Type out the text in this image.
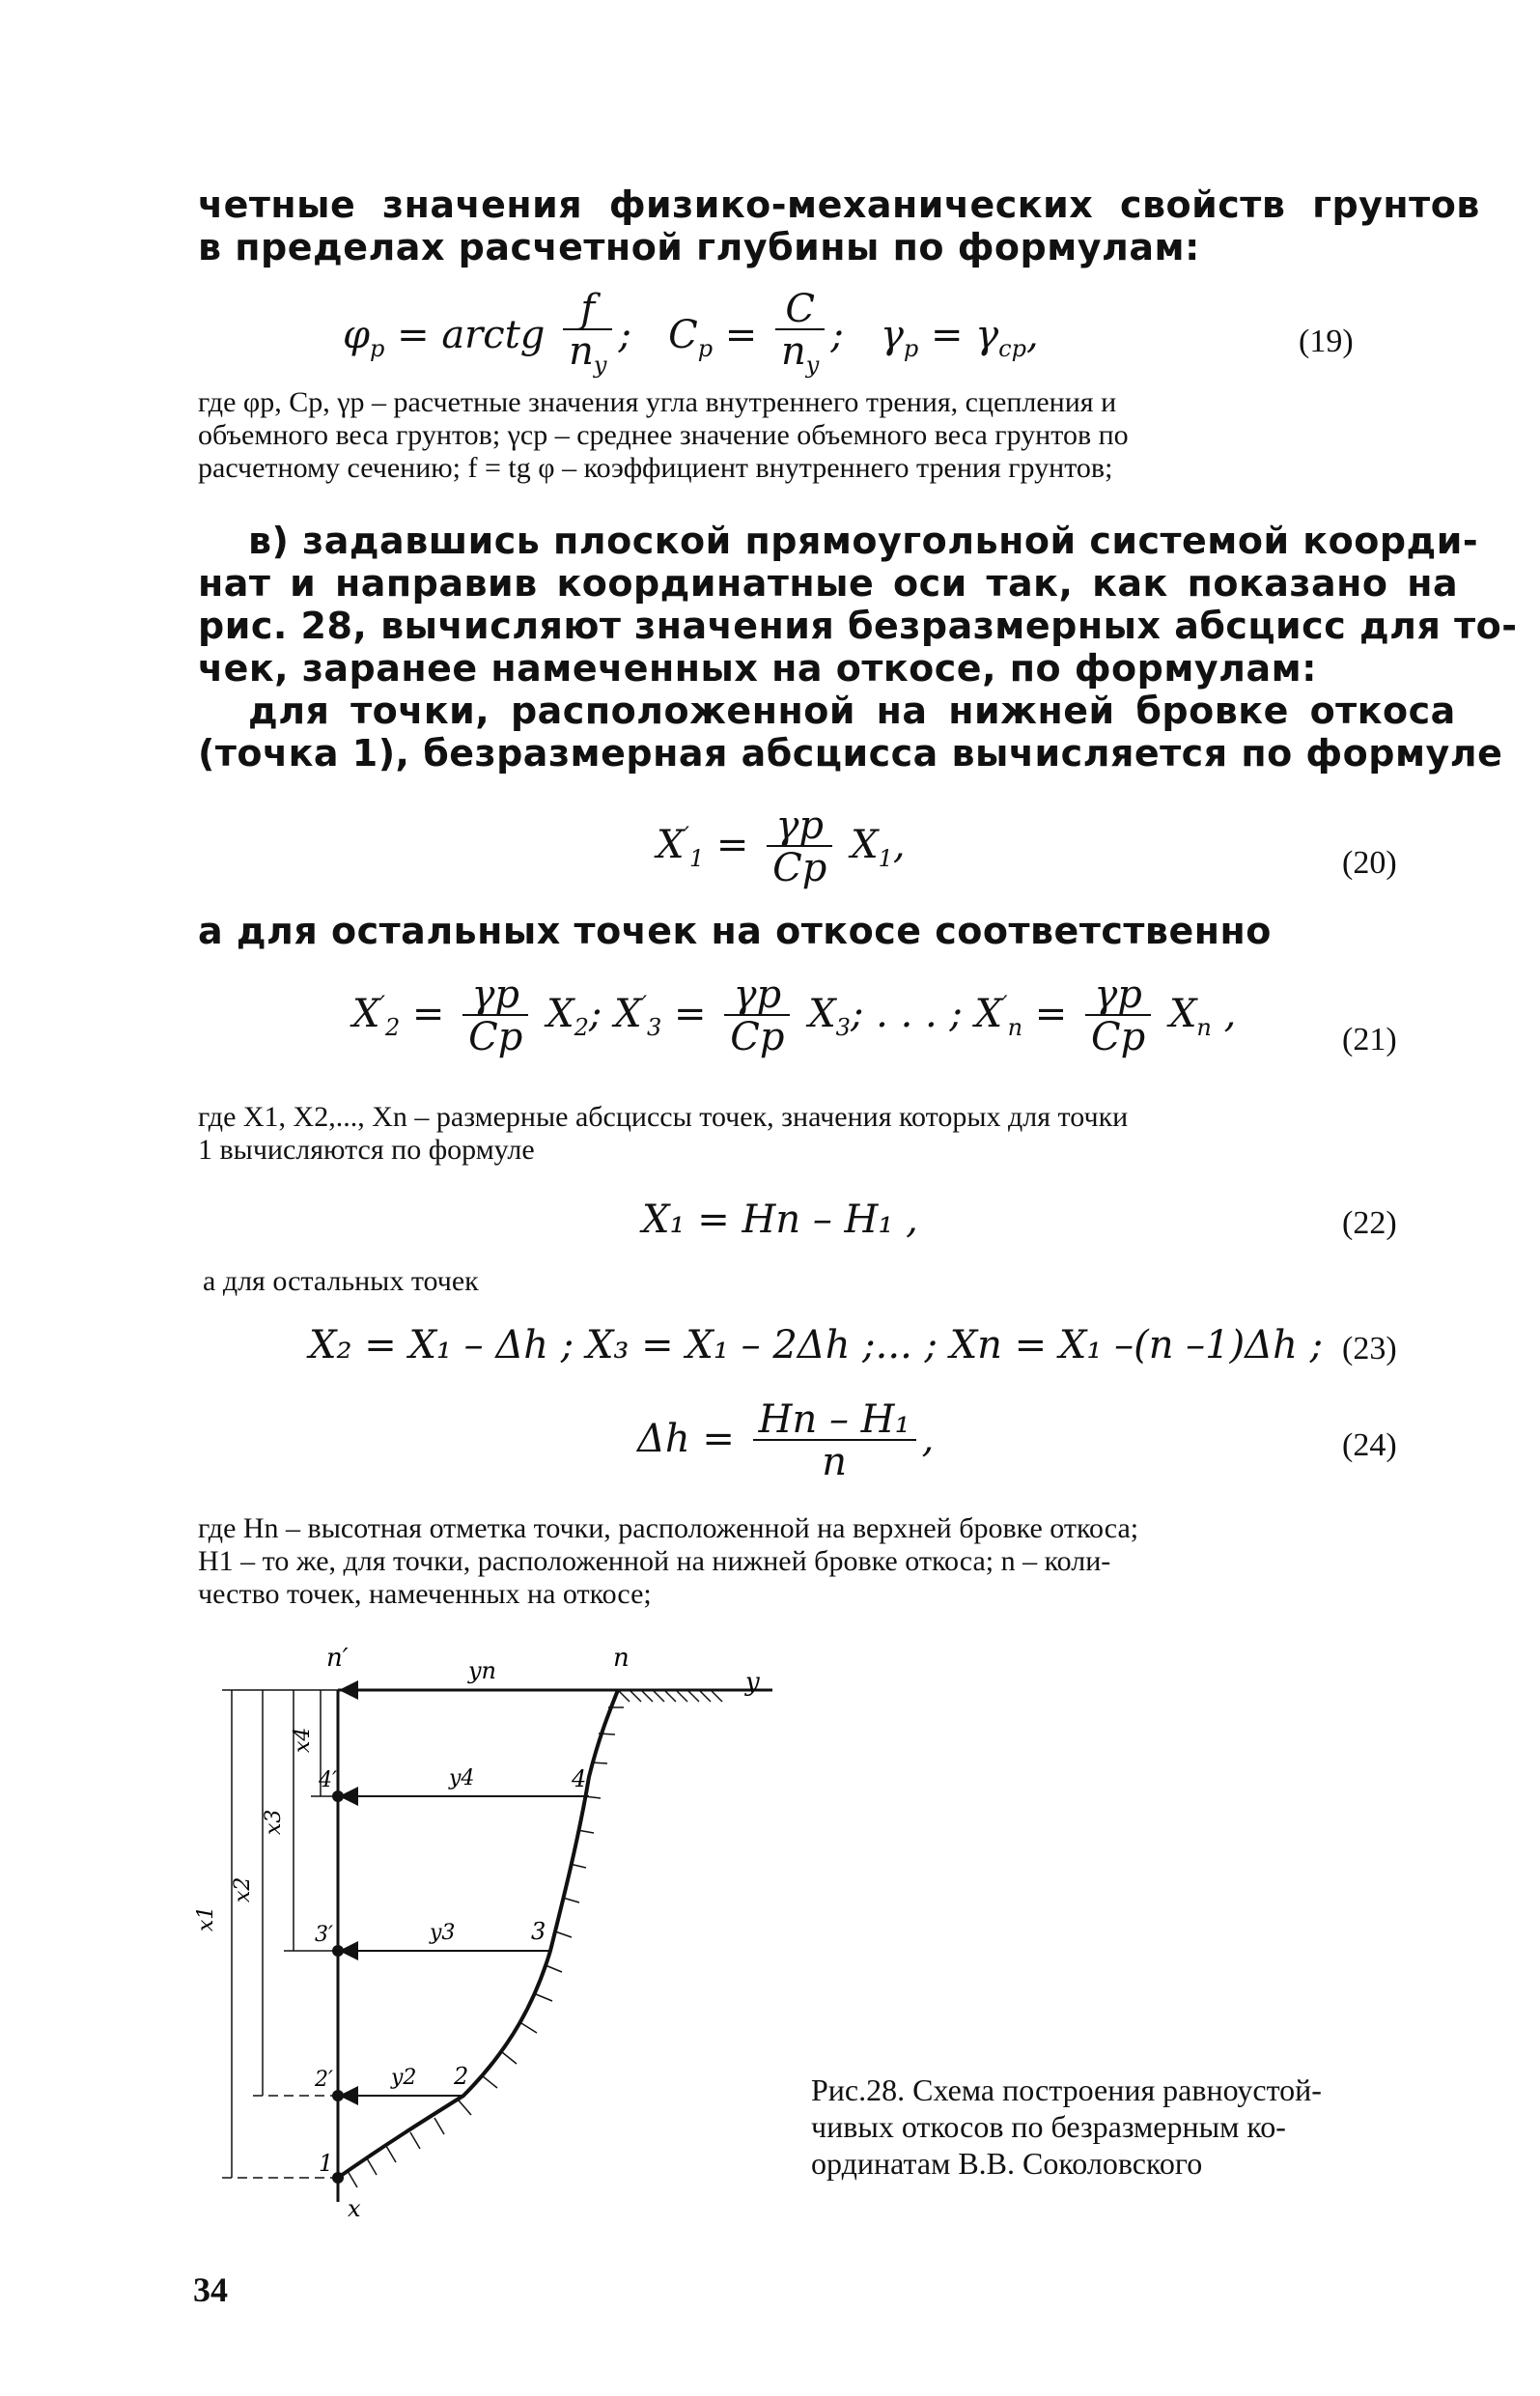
четные значения физико-механических свойств грунтов
в пределах расчетной глубины по формулам:

$\varphi_р$ = arctg $\frac{f}{n_y}$ ; $C_р = \frac{C}{n_y}$ ; $\gamma_р = \gamma_{ср}$,	(19)

где φр, Ср, γр – расчетные значения угла внутреннего трения, сцепления и
объемного веса грунтов; γср – среднее значение объемного веса грунтов по
расчетному сечению; f = tg φ – коэффициент внутреннего трения грунтов;

в) задавшись плоской прямоугольной системой коорди-
нат и направив координатные оси так, как показано на
рис. 28, вычисляют значения безразмерных абсцисс для то-
чек, заранее намеченных на откосе, по формулам:
для точки, расположенной на нижней бровке откоса
(точка 1), безразмерная абсцисса вычисляется по формуле

$X'_1 = \frac{\gamma р}{Ср} X_1$,	(20)

а для остальных точек на откосе соответственно

$X'_2 = \frac{\gamma р}{Ср} X_2$; $X'_3 = \frac{\gamma р}{Ср} X_3$; . . . ; $X'_n = \frac{\gamma р}{Ср} X_n$ ,
(21)

где X1, X2,..., Xn – размерные абсциссы точек, значения которых для точки
1 вычисляются по формуле

X₁ = Hn – H₁ ,	(22)

а для остальных точек

X₂ = X₁ – Δh ; X₃ = X₁ – 2Δh ;... ; Xn = X₁ –(n –1)Δh ; (23)
$\Delta h = \frac{\text{Hn – H₁}}{n}$ ,	(24)

где Hn – высотная отметка точки, расположенной на верхней бровке откоса;
H1 – то же, для точки, расположенной на нижней бровке откоса; n – коли-
чество точек, намеченных на откосе;

n′	n
y
x
yn
y4
y3
y2
4′	4
3′	3
2′	2
1
x1
x2
x3
x4
Рис.28. Схема построения равноустой-
чивых откосов по безразмерным ко-
ординатам В.В. Соколовского
34
